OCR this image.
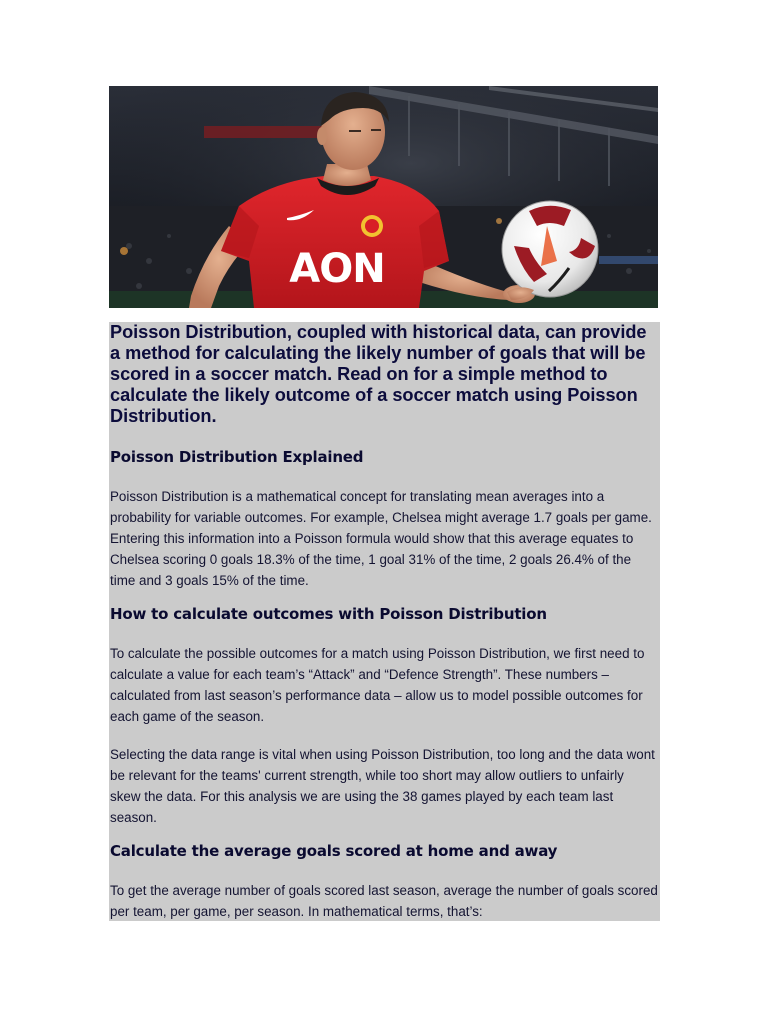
AON

Poisson Distribution, coupled with historical data, can provide a method for calculating the likely number of goals that will be scored in a soccer match. Read on for a simple method to calculate the likely outcome of a soccer match using Poisson Distribution.

Poisson Distribution Explained

Poisson Distribution is a mathematical concept for translating mean averages into a probability for variable outcomes. For example, Chelsea might average 1.7 goals per game. Entering this information into a Poisson formula would show that this average equates to Chelsea scoring 0 goals 18.3% of the time, 1 goal 31% of the time, 2 goals 26.4% of the time and 3 goals 15% of the time.

How to calculate outcomes with Poisson Distribution

To calculate the possible outcomes for a match using Poisson Distribution, we first need to calculate a value for each team’s “Attack” and “Defence Strength”. These numbers – calculated from last season’s performance data – allow us to model possible outcomes for each game of the season.

Selecting the data range is vital when using Poisson Distribution, too long and the data wont be relevant for the teams' current strength, while too short may allow outliers to unfairly skew the data. For this analysis we are using the 38 games played by each team last season.

Calculate the average goals scored at home and away

To get the average number of goals scored last season, average the number of goals scored per team, per game, per season. In mathematical terms, that’s:
